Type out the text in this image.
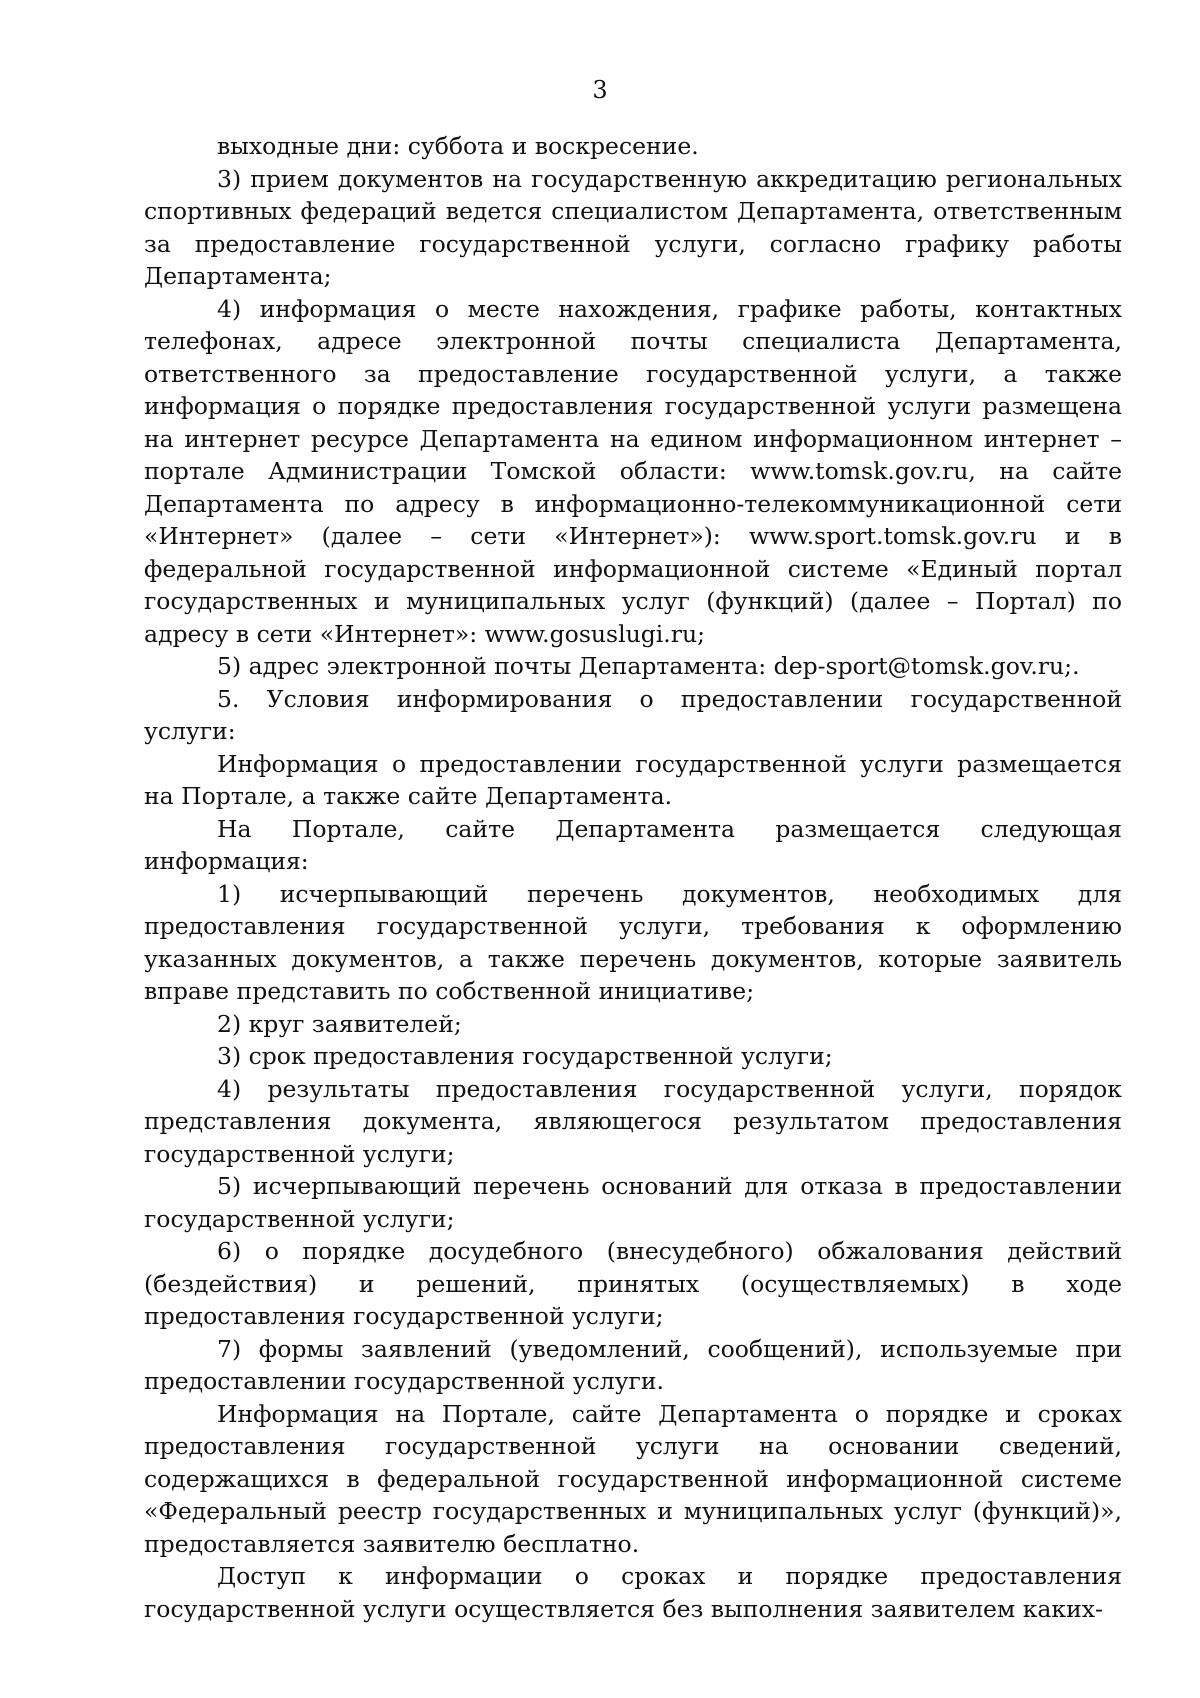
3

выходные дни: суббота и воскресение.

3) прием документов на государственную аккредитацию региональных спортивных федераций ведется специалистом Департамента, ответственным за предоставление государственной услуги, согласно графику работы Департамента;

4) информация о месте нахождения, графике работы, контактных телефонах, адресе электронной почты специалиста Департамента, ответственного за предоставление государственной услуги, а также информация о порядке предоставления государственной услуги размещена на интернет ресурсе Департамента на едином информационном интернет – портале Администрации Томской области: www.tomsk.gov.ru, на сайте Департамента по адресу в информационно-телекоммуникационной сети «Интернет» (далее – сети «Интернет»): www.sport.tomsk.gov.ru и в федеральной государственной информационной системе «Единый портал государственных и муниципальных услуг (функций) (далее – Портал) по адресу в сети «Интернет»: www.gosuslugi.ru;

5) адрес электронной почты Департамента: dep-sport@tomsk.gov.ru;.

5. Условия информирования о предоставлении государственной услуги:

Информация о предоставлении государственной услуги размещается на Портале, а также сайте Департамента.

На Портале, сайте Департамента размещается следующая информация:

1) исчерпывающий перечень документов, необходимых для предоставления государственной услуги, требования к оформлению указанных документов, а также перечень документов, которые заявитель вправе представить по собственной инициативе;

2) круг заявителей;

3) срок предоставления государственной услуги;

4) результаты предоставления государственной услуги, порядок представления документа, являющегося результатом предоставления государственной услуги;

5) исчерпывающий перечень оснований для отказа в предоставлении государственной услуги;

6) о порядке досудебного (внесудебного) обжалования действий (бездействия) и решений, принятых (осуществляемых) в ходе предоставления государственной услуги;

7) формы заявлений (уведомлений, сообщений), используемые при предоставлении государственной услуги.

Информация на Портале, сайте Департамента о порядке и сроках предоставления государственной услуги на основании сведений, содержащихся в федеральной государственной информационной системе «Федеральный реестр государственных и муниципальных услуг (функций)», предоставляется заявителю бесплатно.

Доступ к информации о сроках и порядке предоставления государственной услуги осуществляется без выполнения заявителем каких-
